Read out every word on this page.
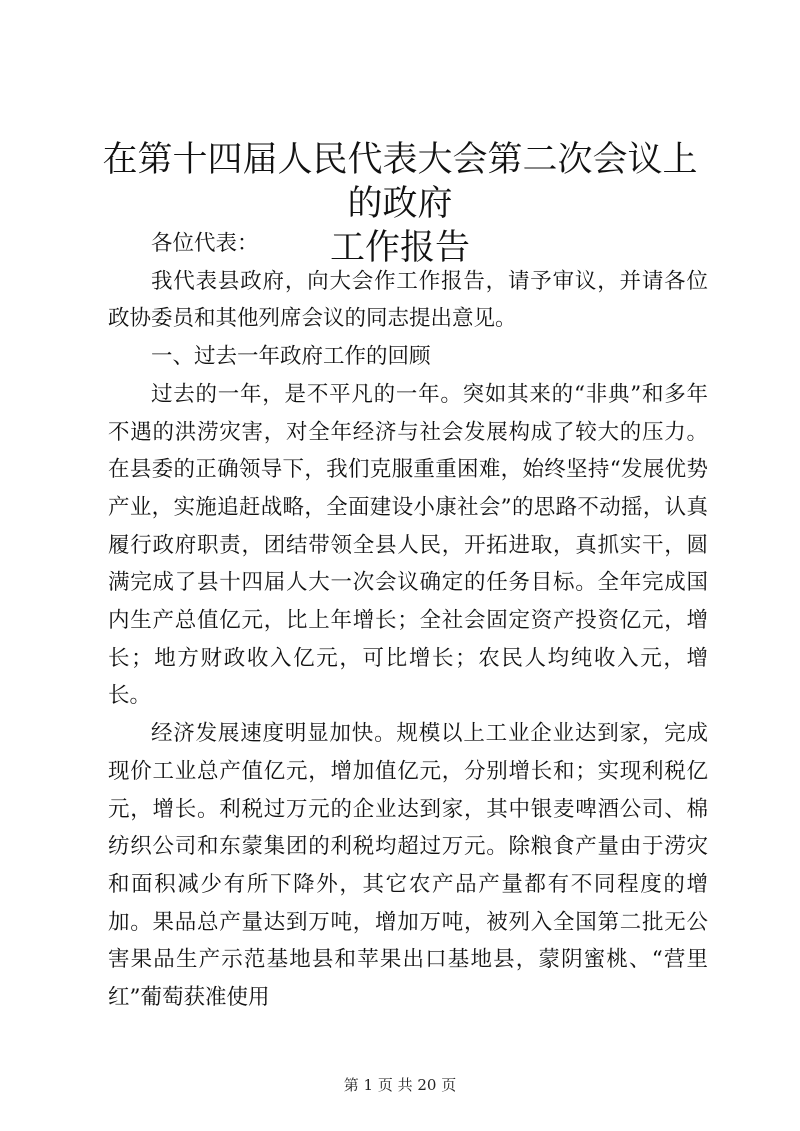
在第十四届人民代表大会第二次会议上的政府
工作报告

各位代表：

我代表县政府，向大会作工作报告，请予审议，并请各位政协委员和其他列席会议的同志提出意见。

一、过去一年政府工作的回顾

过去的一年，是不平凡的一年。突如其来的“非典”和多年不遇的洪涝灾害，对全年经济与社会发展构成了较大的压力。在县委的正确领导下，我们克服重重困难，始终坚持“发展优势产业，实施追赶战略，全面建设小康社会”的思路不动摇，认真履行政府职责，团结带领全县人民，开拓进取，真抓实干，圆满完成了县十四届人大一次会议确定的任务目标。全年完成国内生产总值亿元，比上年增长；全社会固定资产投资亿元，增长；地方财政收入亿元，可比增长；农民人均纯收入元，增长。

经济发展速度明显加快。规模以上工业企业达到家，完成现价工业总产值亿元，增加值亿元，分别增长和；实现利税亿元，增长。利税过万元的企业达到家，其中银麦啤酒公司、棉纺织公司和东蒙集团的利税均超过万元。除粮食产量由于涝灾和面积减少有所下降外，其它农产品产量都有不同程度的增加。果品总产量达到万吨，增加万吨，被列入全国第二批无公害果品生产示范基地县和苹果出口基地县，蒙阴蜜桃、“营里红”葡萄获准使用

第 1 页 共 20 页
